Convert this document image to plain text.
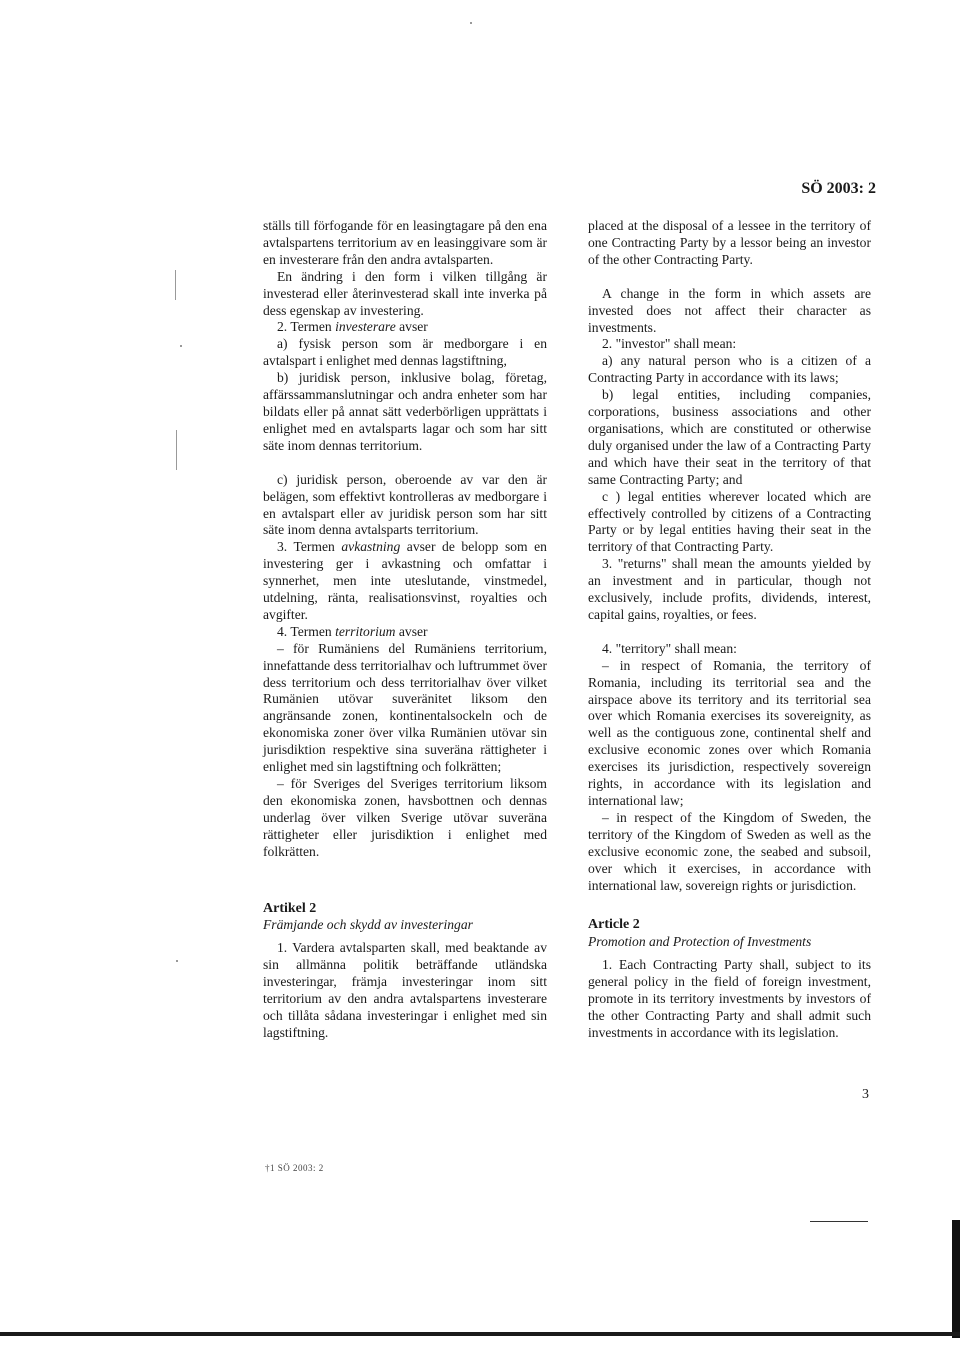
SÖ 2003: 2

ställs till förfogande för en leasingtagare på den ena avtalspartens territorium av en leasinggivare som är en investerare från den andra avtalsparten.

En ändring i den form i vilken tillgång är investerad eller återinvesterad skall inte inverka på dess egenskap av investering.

2. Termen investerare avser

a) fysisk person som är medborgare i en avtalspart i enlighet med dennas lagstiftning,

b) juridisk person, inklusive bolag, företag, affärssammanslutningar och andra enheter som har bildats eller på annat sätt vederbörligen upprättats i enlighet med en avtalsparts lagar och som har sitt säte inom dennas territorium.

c) juridisk person, oberoende av var den är belägen, som effektivt kontrolleras av medborgare i en avtalspart eller av juridisk person som har sitt säte inom denna avtalsparts territorium.

3. Termen avkastning avser de belopp som en investering ger i avkastning och omfattar i synnerhet, men inte uteslutande, vinstmedel, utdelning, ränta, realisationsvinst, royalties och avgifter.

4. Termen territorium avser

– för Rumäniens del Rumäniens territorium, innefattande dess territorialhav och luftrummet över dess territorium och dess territorialhav över vilket Rumänien utövar suveränitet liksom den angränsande zonen, kontinentalsockeln och de ekonomiska zoner över vilka Rumänien utövar sin jurisdiktion respektive sina suveräna rättigheter i enlighet med sin lagstiftning och folkrätten;

– för Sveriges del Sveriges territorium liksom den ekonomiska zonen, havsbottnen och dennas underlag över vilken Sverige utövar suveräna rättigheter eller jurisdiktion i enlighet med folkrätten.

Artikel 2

Främjande och skydd av investeringar

1. Vardera avtalsparten skall, med beaktande av sin allmänna politik beträffande utländska investeringar, främja investeringar inom sitt territorium av den andra avtalspartens investerare och tillåta sådana investeringar i enlighet med sin lagstiftning.

placed at the disposal of a lessee in the territory of one Contracting Party by a lessor being an investor of the other Contracting Party.

A change in the form in which assets are invested does not affect their character as investments.

2. "investor" shall mean:

a) any natural person who is a citizen of a Contracting Party in accordance with its laws;

b) legal entities, including companies, corporations, business associations and other organisations, which are constituted or otherwise duly organised under the law of a Contracting Party and which have their seat in the territory of that same Contracting Party; and

c ) legal entities wherever located which are effectively controlled by citizens of a Contracting Party or by legal entities having their seat in the territory of that Contracting Party.

3. "returns" shall mean the amounts yielded by an investment and in particular, though not exclusively, include profits, dividends, interest, capital gains, royalties, or fees.

4. "territory" shall mean:

– in respect of Romania, the territory of Romania, including its territorial sea and the airspace above its territory and its territorial sea over which Romania exercises its sovereignity, as well as the contiguous zone, continental shelf and exclusive economic zones over which Romania exercises its jurisdiction, respectively sovereign rights, in accordance with its legislation and international law;

– in respect of the Kingdom of Sweden, the territory of the Kingdom of Sweden as well as the exclusive economic zone, the seabed and subsoil, over which it exercises, in accordance with international law, sovereign rights or jurisdiction.

Article 2

Promotion and Protection of Investments

1. Each Contracting Party shall, subject to its general policy in the field of foreign investment, promote in its territory investments by investors of the other Contracting Party and shall admit such investments in accordance with its legislation.

3
†1 SÖ 2003: 2
